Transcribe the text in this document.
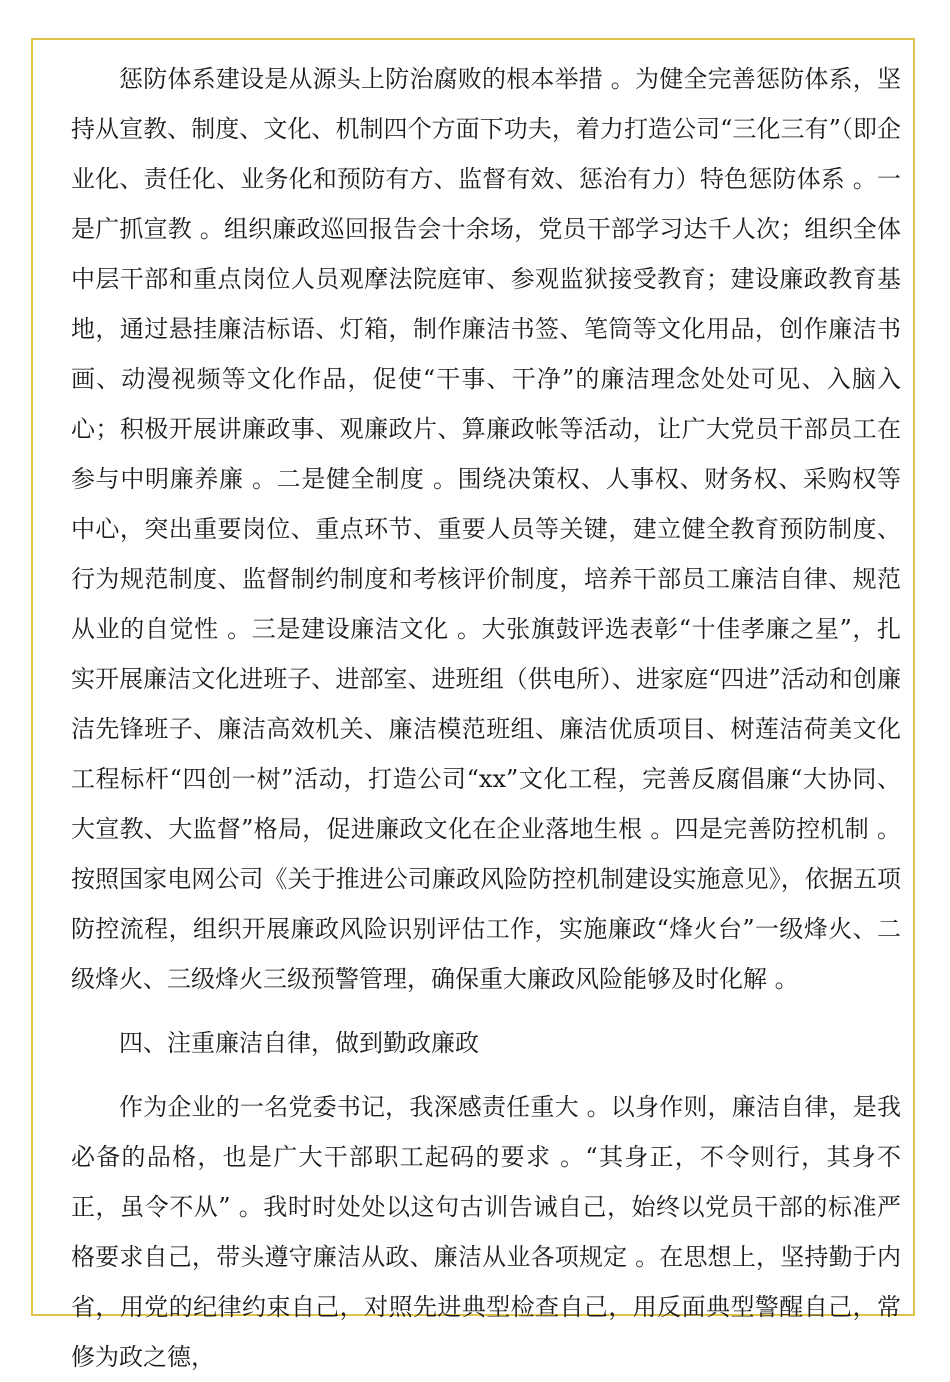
惩防体系建设是从源头上防治腐败的根本举措 。为健全完善惩防体系，坚持从宣教、制度、文化、机制四个方面下功夫，着力打造公司“三化三有”（即企业化、责任化、业务化和预防有方、监督有效、惩治有力）特色惩防体系 。一是广抓宣教 。组织廉政巡回报告会十余场，党员干部学习达千人次；组织全体中层干部和重点岗位人员观摩法院庭审、参观监狱接受教育；建设廉政教育基地，通过悬挂廉洁标语、灯箱，制作廉洁书签、笔筒等文化用品，创作廉洁书画、动漫视频等文化作品，促使“干事、干净”的廉洁理念处处可见、入脑入心；积极开展讲廉政事、观廉政片、算廉政帐等活动，让广大党员干部员工在参与中明廉养廉 。二是健全制度 。围绕决策权、人事权、财务权、采购权等中心，突出重要岗位、重点环节、重要人员等关键，建立健全教育预防制度、行为规范制度、监督制约制度和考核评价制度，培养干部员工廉洁自律、规范从业的自觉性 。三是建设廉洁文化 。大张旗鼓评选表彰“十佳孝廉之星”，扎实开展廉洁文化进班子、进部室、进班组（供电所）、进家庭“四进”活动和创廉洁先锋班子、廉洁高效机关、廉洁模范班组、廉洁优质项目、树莲洁荷美文化工程标杆“四创一树”活动，打造公司“xx”文化工程，完善反腐倡廉“大协同、大宣教、大监督”格局，促进廉政文化在企业落地生根 。四是完善防控机制 。按照国家电网公司《关于推进公司廉政风险防控机制建设实施意见》，依据五项防控流程，组织开展廉政风险识别评估工作，实施廉政“烽火台”一级烽火、二级烽火、三级烽火三级预警管理，确保重大廉政风险能够及时化解 。

四、注重廉洁自律，做到勤政廉政

作为企业的一名党委书记，我深感责任重大 。以身作则，廉洁自律，是我必备的品格，也是广大干部职工起码的要求 。“其身正，不令则行，其身不正，虽令不从” 。我时时处处以这句古训告诫自己，始终以党员干部的标准严格要求自己，带头遵守廉洁从政、廉洁从业各项规定 。在思想上，坚持勤于内省，用党的纪律约束自己，对照先进典型检查自己，用反面典型警醒自己，常修为政之德，
